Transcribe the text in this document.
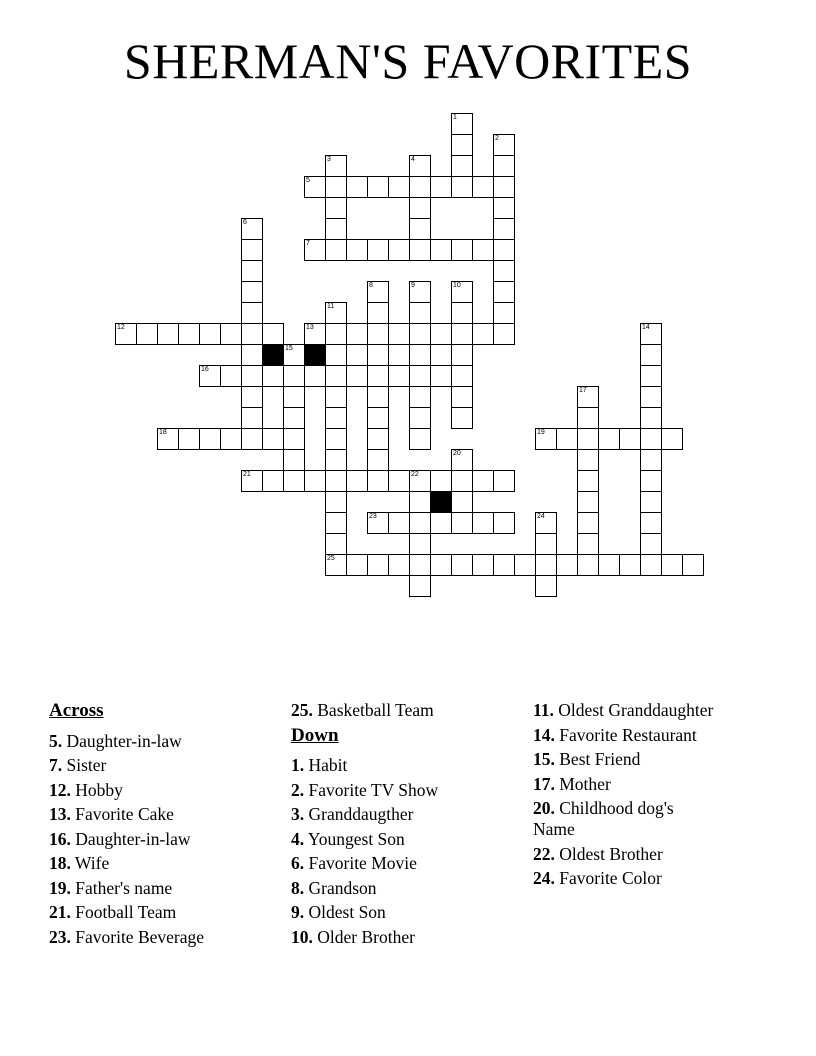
SHERMAN'S FAVORITES
1
2
3	4
5
6
7
8	9	10
11
25
12	13	14
15
16
17
18	19
20
21	22
23	24
Across
5. Daughter-in-law
7. Sister
12. Hobby
13. Favorite Cake
16. Daughter-in-law
18. Wife
19. Father's name
21. Football Team
23. Favorite Beverage
25. Basketball Team
Down
1. Habit
2. Favorite TV Show
3. Granddaugther
4. Youngest Son
6. Favorite Movie
8. Grandson
9. Oldest Son
10. Older Brother
11. Oldest Granddaughter
14. Favorite Restaurant
15. Best Friend
17. Mother
20. Childhood dog's Name
22. Oldest Brother
24. Favorite Color
